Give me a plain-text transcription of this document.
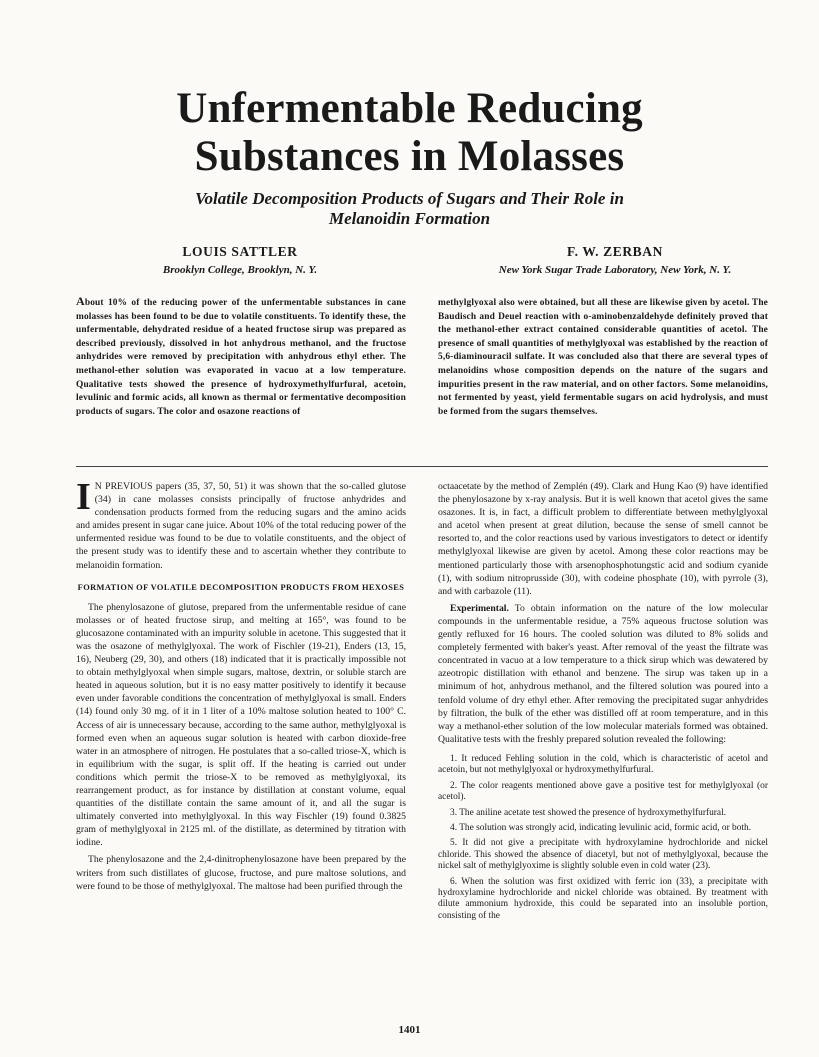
Unfermentable Reducing
Substances in Molasses
Volatile Decomposition Products of Sugars and Their Role in
Melanoidin Formation
LOUIS SATTLER
Brooklyn College, Brooklyn, N. Y.
F. W. ZERBAN
New York Sugar Trade Laboratory, New York, N. Y.

About 10% of the reducing power of the unfermentable substances in cane molasses has been found to be due to volatile constituents. To identify these, the unfermentable, dehydrated residue of a heated fructose sirup was prepared as described previously, dissolved in hot anhydrous methanol, and the fructose anhydrides were removed by precipitation with anhydrous ethyl ether. The methanol-ether solution was evaporated in vacuo at a low temperature. Qualitative tests showed the presence of hydroxymethylfurfural, acetoin, levulinic and formic acids, all known as thermal or fermentative decomposition products of sugars. The color and osazone reactions of

methylglyoxal also were obtained, but all these are likewise given by acetol. The Baudisch and Deuel reaction with o-aminobenzaldehyde definitely proved that the methanol-ether extract contained considerable quantities of acetol. The presence of small quantities of methylglyoxal was established by the reaction of 5,6-diaminouracil sulfate. It was concluded also that there are several types of melanoidins whose composition depends on the nature of the sugars and impurities present in the raw material, and on other factors. Some melanoidins, not fermented by yeast, yield fermentable sugars on acid hydrolysis, and must be formed from the sugars themselves.

I N PREVIOUS papers (35, 37, 50, 51) it was shown that the so-called glutose (34) in cane molasses consists principally of fructose anhydrides and condensation products formed from the reducing sugars and the amino acids and amides present in sugar cane juice. About 10% of the total reducing power of the unfermented residue was found to be due to volatile constituents, and the object of the present study was to identify these and to ascertain whether they contribute to melanoidin formation.

FORMATION OF VOLATILE DECOMPOSITION PRODUCTS FROM HEXOSES

The phenylosazone of glutose, prepared from the unfermentable residue of cane molasses or of heated fructose sirup, and melting at 165°, was found to be glucosazone contaminated with an impurity soluble in acetone. This suggested that it was the osazone of methylglyoxal. The work of Fischler (19-21), Enders (13, 15, 16), Neuberg (29, 30), and others (18) indicated that it is practically impossible not to obtain methylglyoxal when simple sugars, maltose, dextrin, or soluble starch are heated in aqueous solution, but it is no easy matter positively to identify it because even under favorable conditions the concentration of methylglyoxal is small. Enders (14) found only 30 mg. of it in 1 liter of a 10% maltose solution heated to 100° C. Access of air is unnecessary because, according to the same author, methylglyoxal is formed even when an aqueous sugar solution is heated with carbon dioxide-free water in an atmosphere of nitrogen. He postulates that a so-called triose-X, which is in equilibrium with the sugar, is split off. If the heating is carried out under conditions which permit the triose-X to be removed as methylglyoxal, its rearrangement product, as for instance by distillation at constant volume, equal quantities of the distillate contain the same amount of it, and all the sugar is ultimately converted into methylglyoxal. In this way Fischler (19) found 0.3825 gram of methylglyoxal in 2125 ml. of the distillate, as determined by titration with iodine.

The phenylosazone and the 2,4-dinitrophenylosazone have been prepared by the writers from such distillates of glucose, fructose, and pure maltose solutions, and were found to be those of methylglyoxal. The maltose had been purified through the

octaacetate by the method of Zemplén (49). Clark and Hung Kao (9) have identified the phenylosazone by x-ray analysis. But it is well known that acetol gives the same osazones. It is, in fact, a difficult problem to differentiate between methylglyoxal and acetol when present at great dilution, because the sense of smell cannot be resorted to, and the color reactions used by various investigators to detect or identify methylglyoxal likewise are given by acetol. Among these color reactions may be mentioned particularly those with arsenophosphotungstic acid and sodium cyanide (1), with sodium nitroprusside (30), with codeine phosphate (10), with pyrrole (3), and with carbazole (11).

Experimental. To obtain information on the nature of the low molecular compounds in the unfermentable residue, a 75% aqueous fructose solution was gently refluxed for 16 hours. The cooled solution was diluted to 8% solids and completely fermented with baker's yeast. After removal of the yeast the filtrate was concentrated in vacuo at a low temperature to a thick sirup which was dewatered by azeotropic distillation with ethanol and benzene. The sirup was taken up in a minimum of hot, anhydrous methanol, and the filtered solution was poured into a tenfold volume of dry ethyl ether. After removing the precipitated sugar anhydrides by filtration, the bulk of the ether was distilled off at room temperature, and in this way a methanol-ether solution of the low molecular materials formed was obtained. Qualitative tests with the freshly prepared solution revealed the following:

1. It reduced Fehling solution in the cold, which is characteristic of acetol and acetoin, but not methylglyoxal or hydroxymethylfurfural.

2. The color reagents mentioned above gave a positive test for methylglyoxal (or acetol).

3. The aniline acetate test showed the presence of hydroxymethylfurfural.

4. The solution was strongly acid, indicating levulinic acid, formic acid, or both.

5. It did not give a precipitate with hydroxylamine hydrochloride and nickel chloride. This showed the absence of diacetyl, but not of methylglyoxal, because the nickel salt of methylglyoxime is slightly soluble even in cold water (23).

6. When the solution was first oxidized with ferric ion (33), a precipitate with hydroxylamine hydrochloride and nickel chloride was obtained. By treatment with dilute ammonium hydroxide, this could be separated into an insoluble portion, consisting of the

1401
